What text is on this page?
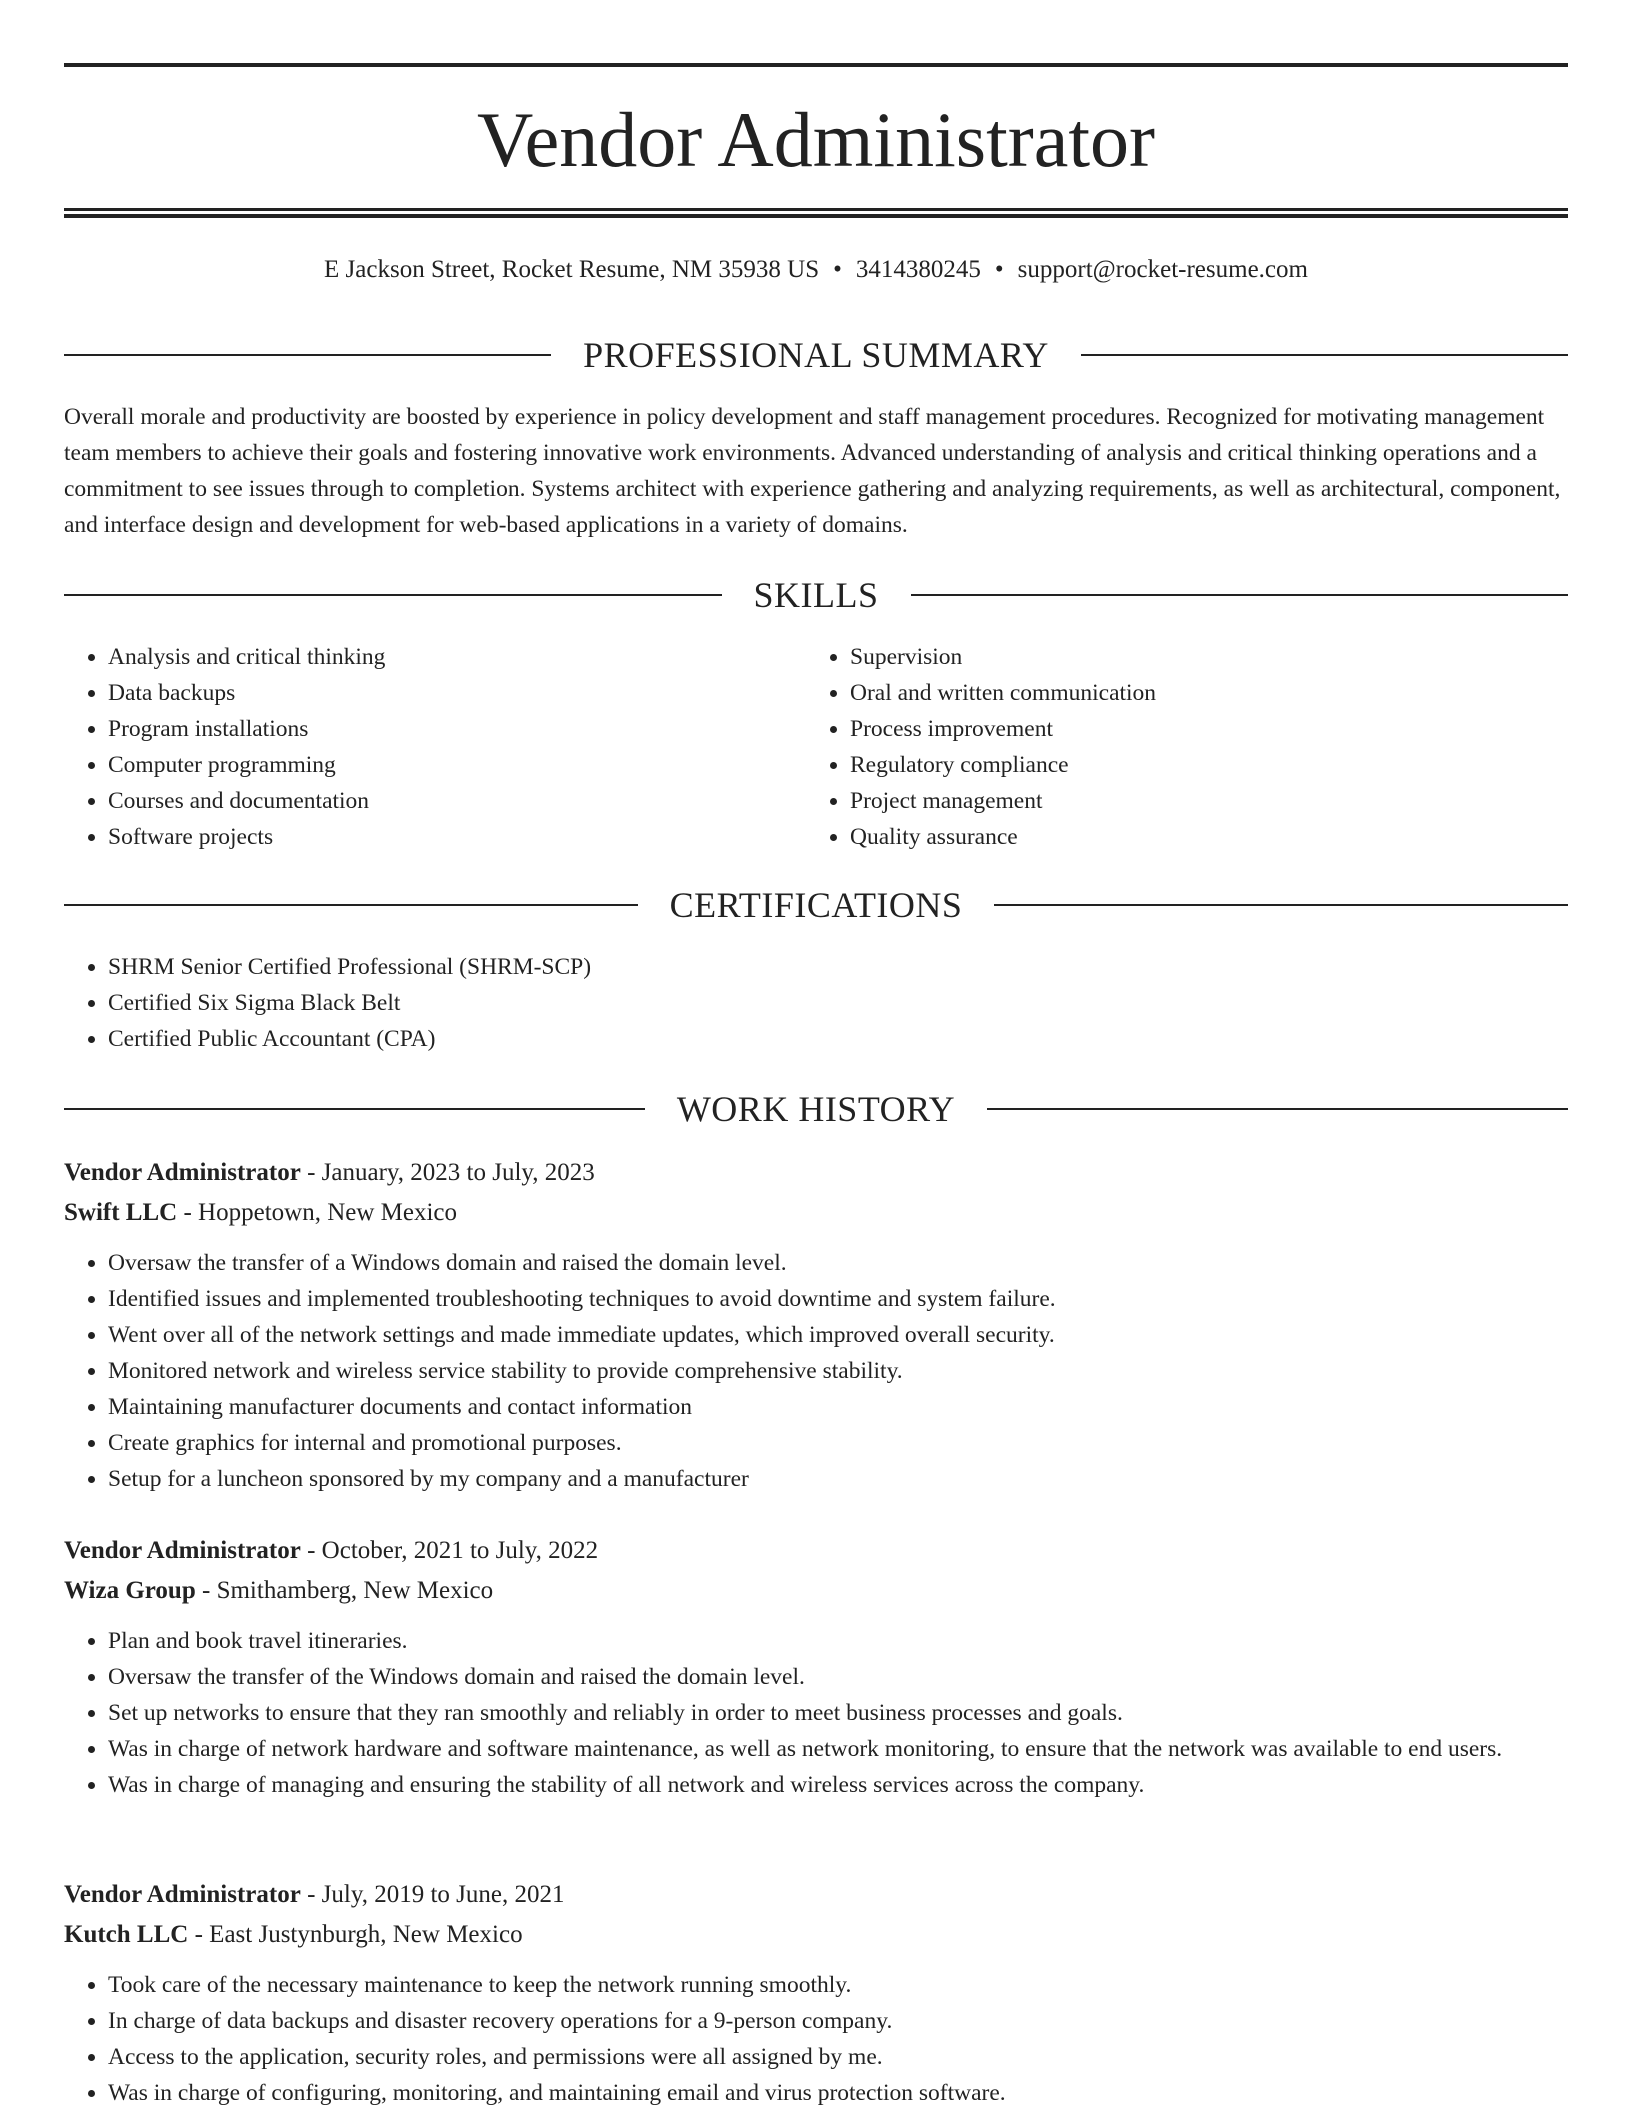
Vendor Administrator
E Jackson Street, Rocket Resume, NM 35938 US • 3414380245 • support@rocket-resume.com
PROFESSIONAL SUMMARY

Overall morale and productivity are boosted by experience in policy development and staff management procedures. Recognized for motivating management team members to achieve their goals and fostering innovative work environments. Advanced understanding of analysis and critical thinking operations and a commitment to see issues through to completion. Systems architect with experience gathering and analyzing requirements, as well as architectural, component, and interface design and development for web-based applications in a variety of domains.

SKILLS
• Analysis and critical thinking
• Data backups
• Program installations
• Computer programming
• Courses and documentation
• Software projects
• Supervision
• Oral and written communication
• Process improvement
• Regulatory compliance
• Project management
• Quality assurance
CERTIFICATIONS
• SHRM Senior Certified Professional (SHRM-SCP)
• Certified Six Sigma Black Belt
• Certified Public Accountant (CPA)
WORK HISTORY

Vendor Administrator - January, 2023 to July, 2023

Swift LLC - Hoppetown, New Mexico

• Oversaw the transfer of a Windows domain and raised the domain level.
• Identified issues and implemented troubleshooting techniques to avoid downtime and system failure.
• Went over all of the network settings and made immediate updates, which improved overall security.
• Monitored network and wireless service stability to provide comprehensive stability.
• Maintaining manufacturer documents and contact information
• Create graphics for internal and promotional purposes.
• Setup for a luncheon sponsored by my company and a manufacturer

Vendor Administrator - October, 2021 to July, 2022

Wiza Group - Smithamberg, New Mexico

• Plan and book travel itineraries.
• Oversaw the transfer of the Windows domain and raised the domain level.
• Set up networks to ensure that they ran smoothly and reliably in order to meet business processes and goals.
• Was in charge of network hardware and software maintenance, as well as network monitoring, to ensure that the network was available to end users.
• Was in charge of managing and ensuring the stability of all network and wireless services across the company.

Vendor Administrator - July, 2019 to June, 2021

Kutch LLC - East Justynburgh, New Mexico

• Took care of the necessary maintenance to keep the network running smoothly.
• In charge of data backups and disaster recovery operations for a 9-person company.
• Access to the application, security roles, and permissions were all assigned by me.
• Was in charge of configuring, monitoring, and maintaining email and virus protection software.
